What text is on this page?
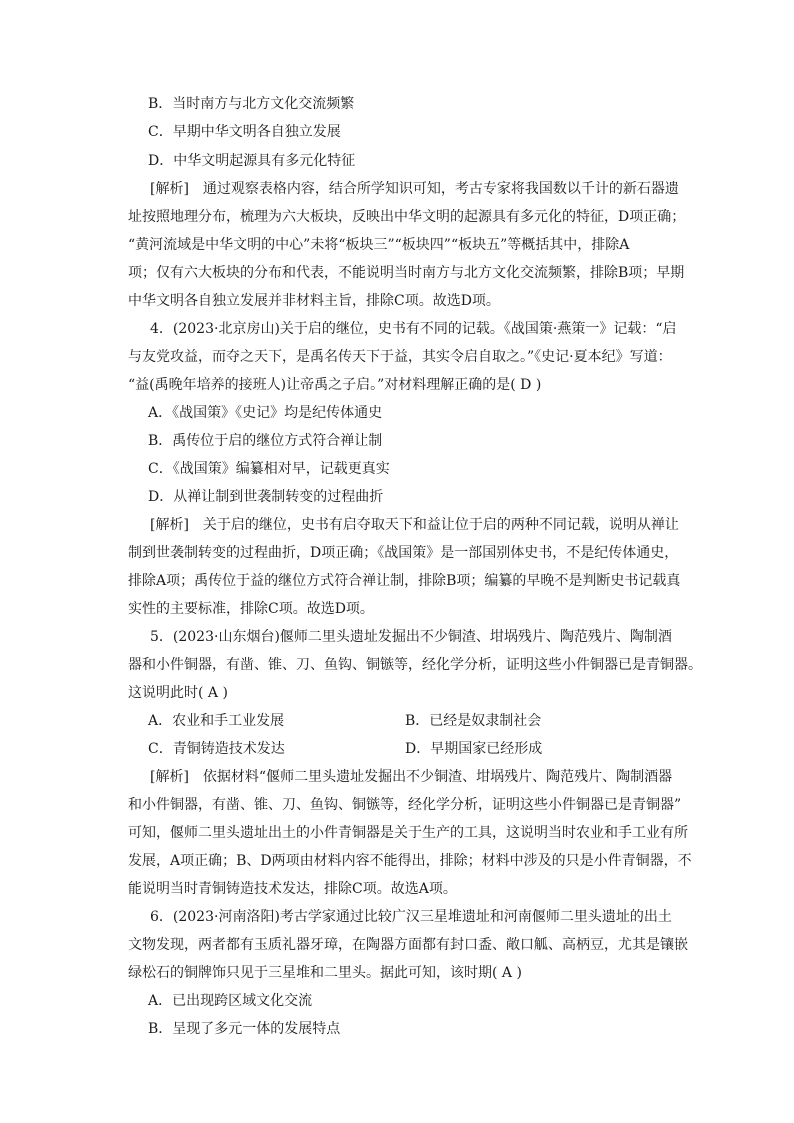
B．当时南方与北方文化交流频繁
C．早期中华文明各自独立发展
D．中华文明起源具有多元化特征
[解析]　通过观察表格内容，结合所学知识可知，考古专家将我国数以千计的新石器遗
址按照地理分布，梳理为六大板块，反映出中华文明的起源具有多元化的特征，D项正确；
“黄河流域是中华文明的中心”未将“板块三”“板块四”“板块五”等概括其中，排除A
项；仅有六大板块的分布和代表，不能说明当时南方与北方文化交流频繁，排除B项；早期
中华文明各自独立发展并非材料主旨，排除C项。故选D项。
4．(2023·北京房山)关于启的继位，史书有不同的记载。《战国策·燕策一》记载：“启
与友党攻益，而夺之天下，是禹名传天下于益，其实令启自取之。”《史记·夏本纪》写道：
“益(禹晚年培养的接班人)让帝禹之子启。”对材料理解正确的是( D )
A．《战国策》《史记》均是纪传体通史
B．禹传位于启的继位方式符合禅让制
C．《战国策》编纂相对早，记载更真实
D．从禅让制到世袭制转变的过程曲折
[解析]　关于启的继位，史书有启夺取天下和益让位于启的两种不同记载，说明从禅让
制到世袭制转变的过程曲折，D项正确；《战国策》是一部国别体史书，不是纪传体通史，
排除A项；禹传位于益的继位方式符合禅让制，排除B项；编纂的早晚不是判断史书记载真
实性的主要标准，排除C项。故选D项。
5．(2023·山东烟台)偃师二里头遗址发掘出不少铜渣、坩埚残片、陶范残片、陶制酒
器和小件铜器，有凿、锥、刀、鱼钩、铜镞等，经化学分析，证明这些小件铜器已是青铜器。
这说明此时( A )
A．农业和手工业发展	B．已经是奴隶制社会
C．青铜铸造技术发达	D．早期国家已经形成
[解析]　依据材料“偃师二里头遗址发掘出不少铜渣、坩埚残片、陶范残片、陶制酒器
和小件铜器，有凿、锥、刀、鱼钩、铜镞等，经化学分析，证明这些小件铜器已是青铜器”
可知，偃师二里头遗址出土的小件青铜器是关于生产的工具，这说明当时农业和手工业有所
发展，A项正确；B、D两项由材料内容不能得出，排除；材料中涉及的只是小件青铜器，不
能说明当时青铜铸造技术发达，排除C项。故选A项。
6．(2023·河南洛阳)考古学家通过比较广汉三星堆遗址和河南偃师二里头遗址的出土
文物发现，两者都有玉质礼器牙璋，在陶器方面都有封口盉、敞口觚、高柄豆，尤其是镶嵌
绿松石的铜牌饰只见于三星堆和二里头。据此可知，该时期( A )
A．已出现跨区域文化交流
B．呈现了多元一体的发展特点
